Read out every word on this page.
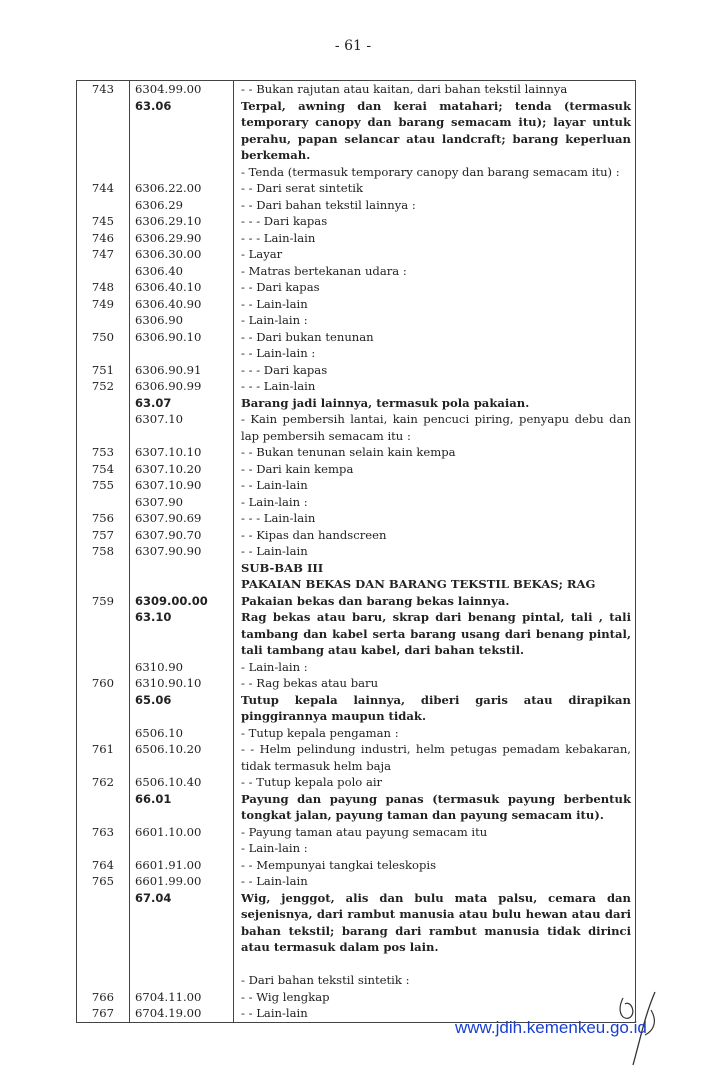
- 61 -
743	6304.99.00	- - Bukan rajutan atau kaitan, dari bahan tekstil lainnya
	63.06	Terpal, awning dan kerai matahari; tenda (termasuk temporary canopy dan barang semacam itu); layar untuk perahu, papan selancar atau landcraft; barang keperluan berkemah.
		- Tenda (termasuk temporary canopy dan barang semacam itu) :
744	6306.22.00	- - Dari serat sintetik
	6306.29	- - Dari bahan tekstil lainnya :
745	6306.29.10	- - - Dari kapas
746	6306.29.90	- - - Lain-lain
747	6306.30.00	- Layar
	6306.40	- Matras bertekanan udara :
748	6306.40.10	- - Dari kapas
749	6306.40.90	- - Lain-lain
	6306.90	- Lain-lain :
750	6306.90.10	- - Dari bukan tenunan
		- - Lain-lain :
751	6306.90.91	- - - Dari kapas
752	6306.90.99	- - - Lain-lain
	63.07	Barang jadi lainnya, termasuk pola pakaian.
	6307.10	- Kain pembersih lantai, kain pencuci piring, penyapu debu dan lap pembersih semacam itu :
753	6307.10.10	- - Bukan tenunan selain kain kempa
754	6307.10.20	- - Dari kain kempa
755	6307.10.90	- - Lain-lain
	6307.90	- Lain-lain :
756	6307.90.69	- - - Lain-lain
757	6307.90.70	- - Kipas dan handscreen
758	6307.90.90	- - Lain-lain
		SUB-BAB III
		PAKAIAN BEKAS DAN BARANG TEKSTIL BEKAS; RAG
759	6309.00.00	Pakaian bekas dan barang bekas lainnya.
	63.10	Rag bekas atau baru, skrap dari benang pintal, tali , tali tambang dan kabel serta barang usang dari benang pintal, tali tambang atau kabel, dari bahan tekstil.
	6310.90	- Lain-lain :
760	6310.90.10	- - Rag bekas atau baru
	65.06	Tutup kepala lainnya, diberi garis atau dirapikan pinggirannya maupun tidak.
	6506.10	- Tutup kepala pengaman :
761	6506.10.20	- - Helm pelindung industri, helm petugas pemadam kebakaran, tidak termasuk helm baja
762	6506.10.40	- - Tutup kepala polo air
	66.01	Payung dan payung panas (termasuk payung berbentuk tongkat jalan, payung taman dan payung semacam itu).
763	6601.10.00	- Payung taman atau payung semacam itu
		- Lain-lain :
764	6601.91.00	- - Mempunyai tangkai teleskopis
765	6601.99.00	- - Lain-lain
	67.04	Wig, jenggot, alis dan bulu mata palsu, cemara dan sejenisnya, dari rambut manusia atau bulu hewan atau dari bahan tekstil; barang dari rambut manusia tidak dirinci atau termasuk dalam pos lain.

		- Dari bahan tekstil sintetik :
766	6704.11.00	- - Wig lengkap
767	6704.19.00	- - Lain-lain
www.jdih.kemenkeu.go.id
